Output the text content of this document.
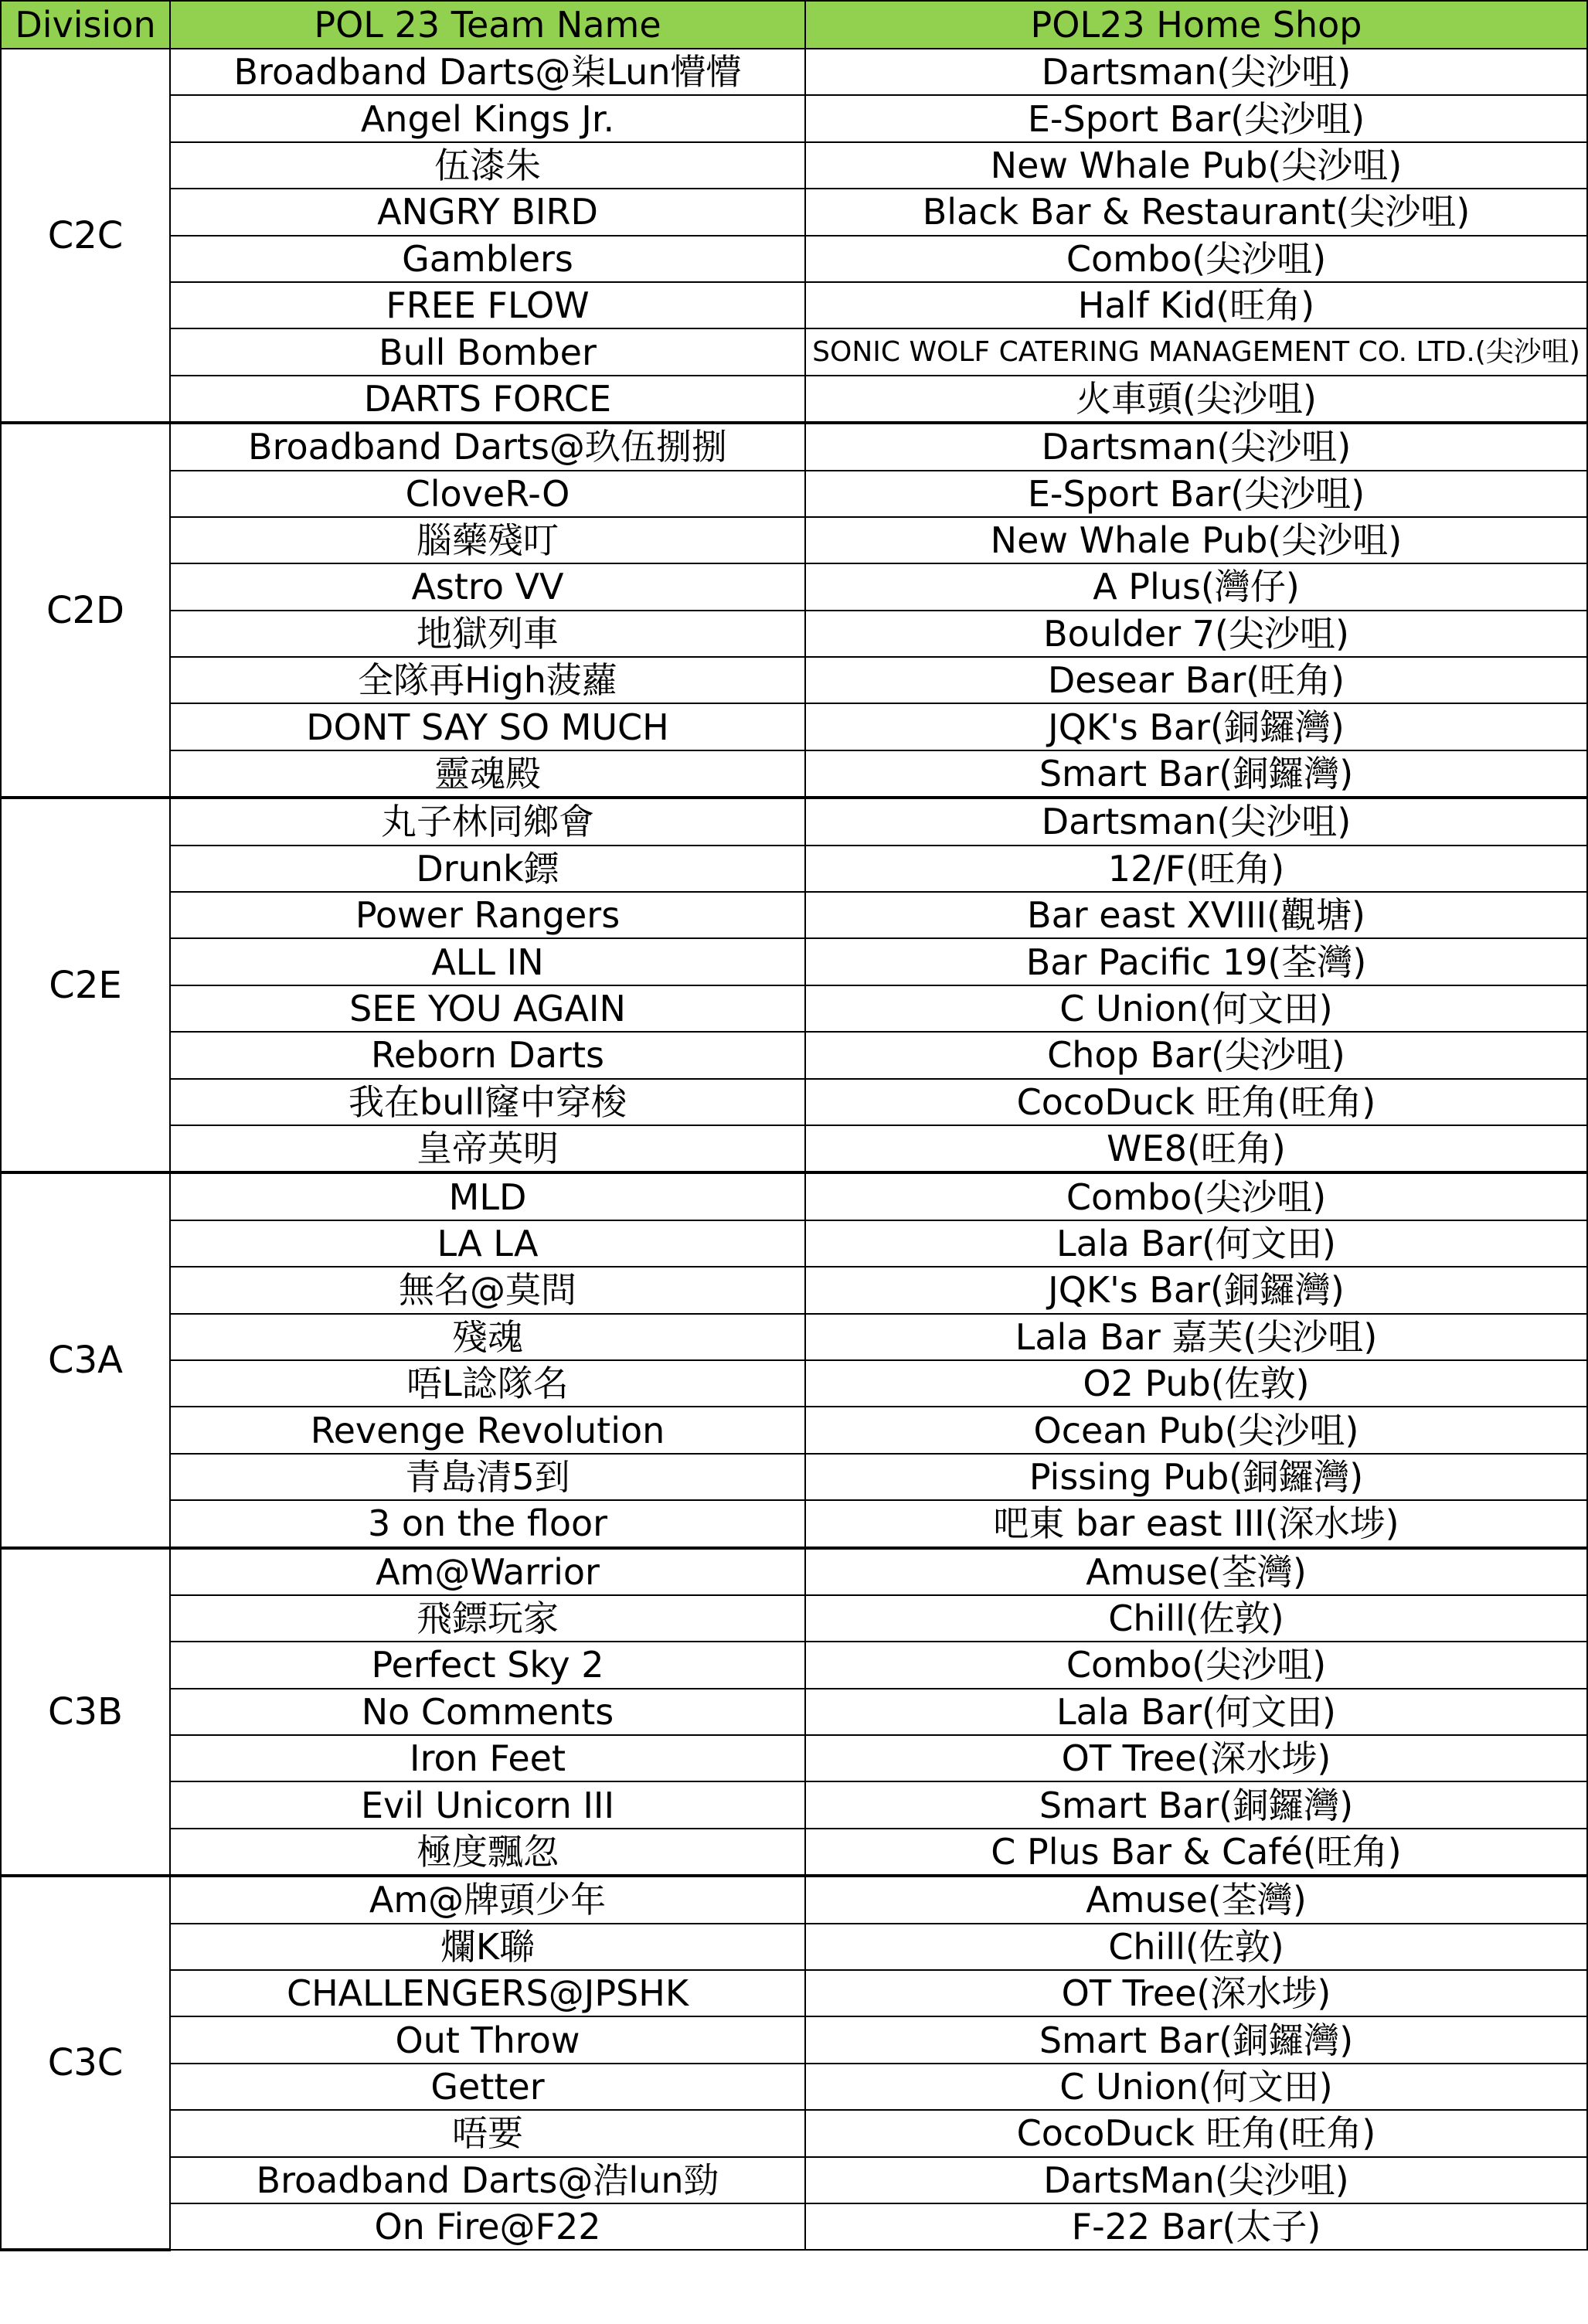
Division	POL 23 Team Name	POL23 Home Shop
C2C	Broadband Darts@柒Lun懵懵	Dartsman(尖沙咀)
	Angel Kings Jr.	E-Sport Bar(尖沙咀)
	伍漆朱	New Whale Pub(尖沙咀)
	ANGRY BIRD	Black Bar & Restaurant(尖沙咀)
	Gamblers	Combo(尖沙咀)
	FREE FLOW	Half Kid(旺角)
	Bull Bomber	SONIC WOLF CATERING MANAGEMENT CO. LTD.(尖沙咀)
	DARTS FORCE	火車頭(尖沙咀)
C2D	Broadband Darts@玖伍捌捌	Dartsman(尖沙咀)
	CloveR-O	E-Sport Bar(尖沙咀)
	腦藥殘叮	New Whale Pub(尖沙咀)
	Astro VV	A Plus(灣仔)
	地獄列車	Boulder 7(尖沙咀)
	全隊再High菠蘿	Desear Bar(旺角)
	DONT SAY SO MUCH	JQK's Bar(銅鑼灣)
	靈魂殿	Smart Bar(銅鑼灣)
C2E	丸子林同鄉會	Dartsman(尖沙咀)
	Drunk鏢	12/F(旺角)
	Power Rangers	Bar east XVIII(觀塘)
	ALL IN	Bar Pacific 19(荃灣)
	SEE YOU AGAIN	C Union(何文田)
	Reborn Darts	Chop Bar(尖沙咀)
	我在bull窿中穿梭	CocoDuck 旺角(旺角)
	皇帝英明	WE8(旺角)
C3A	MLD	Combo(尖沙咀)
	LA LA	Lala Bar(何文田)
	無名@莫問	JQK's Bar(銅鑼灣)
	殘魂	Lala Bar 嘉芙(尖沙咀)
	唔L諗隊名	O2 Pub(佐敦)
	Revenge Revolution	Ocean Pub(尖沙咀)
	青島清5到	Pissing Pub(銅鑼灣)
	3 on the floor	吧東 bar east III(深水埗)
C3B	Am@Warrior	Amuse(荃灣)
	飛鏢玩家	Chill(佐敦)
	Perfect Sky 2	Combo(尖沙咀)
	No Comments	Lala Bar(何文田)
	Iron Feet	OT Tree(深水埗)
	Evil Unicorn III	Smart Bar(銅鑼灣)
	極度飄忽	C Plus Bar & Café(旺角)
C3C	Am@牌頭少年	Amuse(荃灣)
	爛K聯	Chill(佐敦)
	CHALLENGERS@JPSHK	OT Tree(深水埗)
	Out Throw	Smart Bar(銅鑼灣)
	Getter	C Union(何文田)
	唔要	CocoDuck 旺角(旺角)
	Broadband Darts@浩lun勁	DartsMan(尖沙咀)
	On Fire@F22	F-22 Bar(太子)
